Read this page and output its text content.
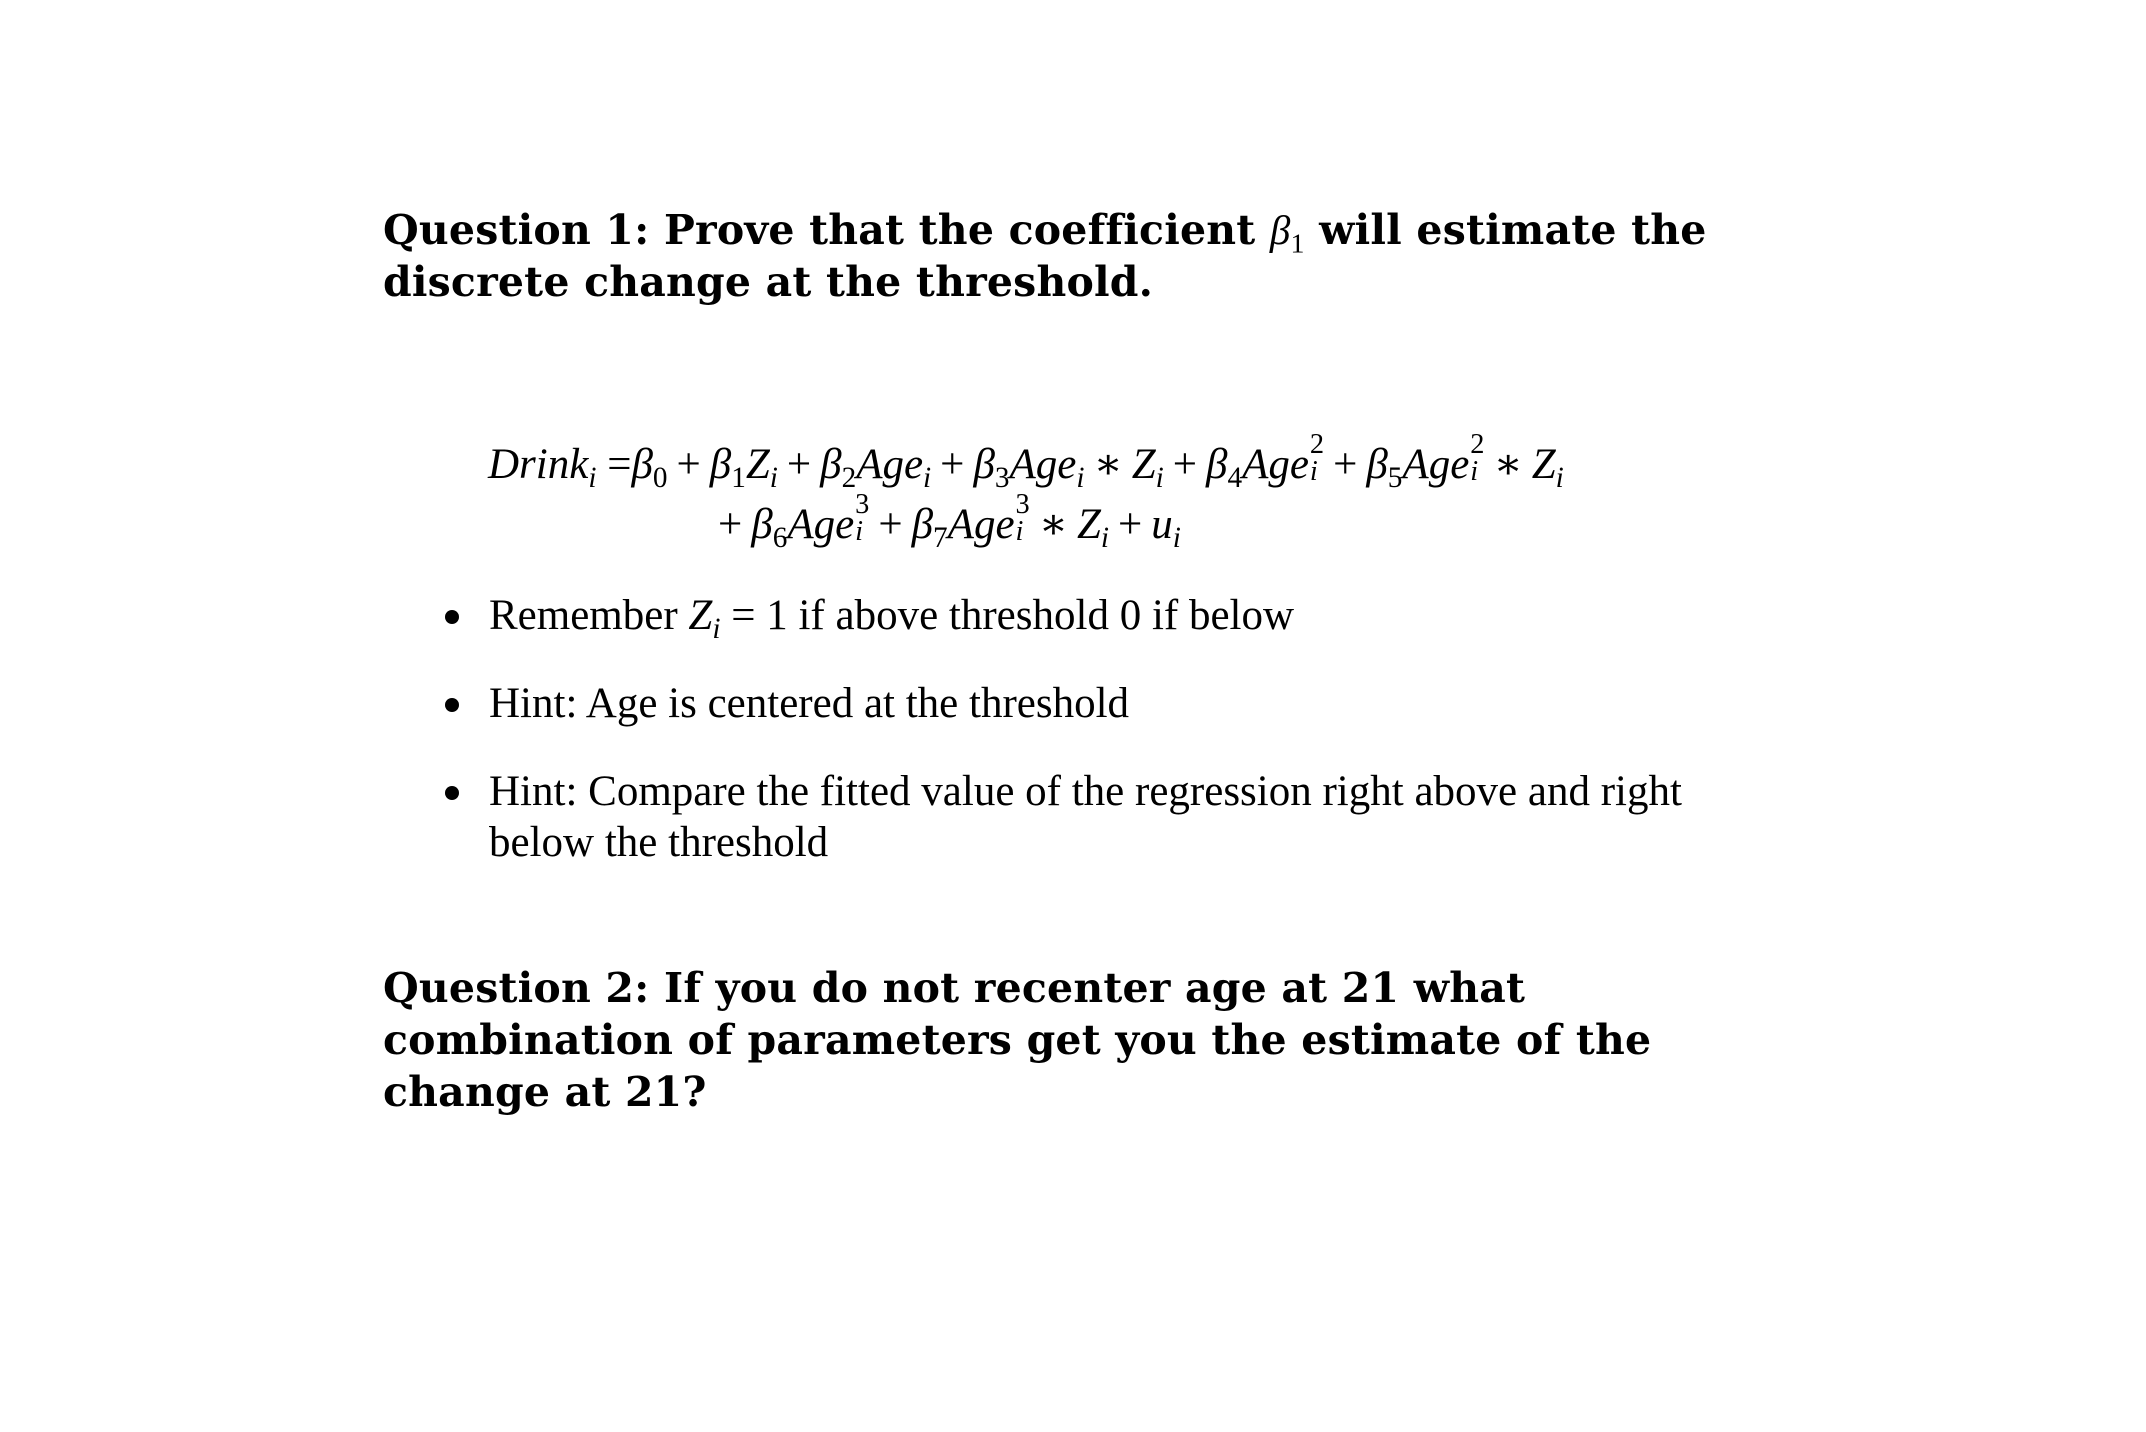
Question 1: Prove that the coefficient $\beta_1$ will estimate the discrete change at the threshold.
Drink$_i$ $=\beta_0 + \beta_1Z_i + \beta_2Age_i + \beta_3Age_i$ ∗ $Z_i + \beta_4Age$ 2
$i + \beta_5Age$ 2
i ∗ $Z_i$
+ $\beta_6Age$ 3
$i + \beta_7Age$ 3
i ∗ $Z_i + u_i$
Remember $Z_i = 1$ if above threshold 0 if below
Hint: Age is centered at the threshold
Hint: Compare the fitted value of the regression right above and right below the threshold
Question 2: If you do not recenter age at 21 what combination of parameters get you the estimate of the change at 21?
